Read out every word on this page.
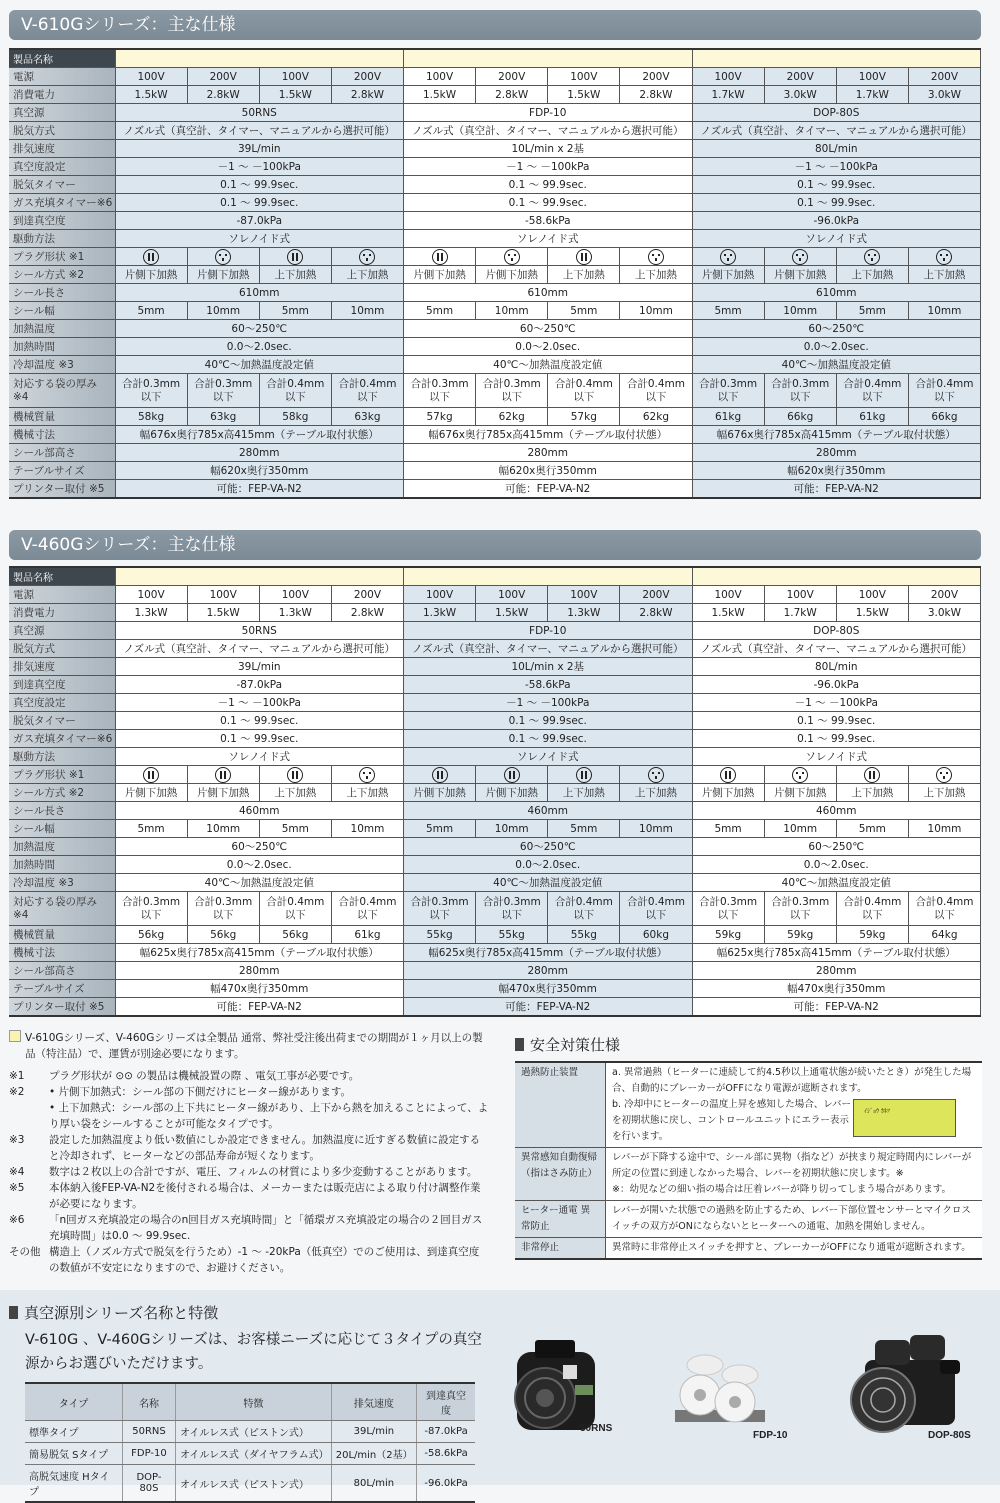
V-610Gシリーズ：主な仕様
製品名称												
電源	100V	200V	100V	200V	100V	200V	100V	200V	100V	200V	100V	200V
消費電力	1.5kW	2.8kW	1.5kW	2.8kW	1.5kW	2.8kW	1.5kW	2.8kW	1.7kW	3.0kW	1.7kW	3.0kW
真空源	50RNS				FDP-10				DOP-80S			
脱気方式	ノズル式（真空計、タイマー、マニュアルから選択可能）				ノズル式（真空計、タイマー、マニュアルから選択可能）				ノズル式（真空計、タイマー、マニュアルから選択可能）			
排気速度	39L/min				10L/min x 2基				80L/min			
真空度設定	－1 ～ －100kPa				－1 ～ －100kPa				－1 ～ －100kPa			
脱気タイマー	0.1 ～ 99.9sec.				0.1 ～ 99.9sec.				0.1 ～ 99.9sec.			
ガス充填タイマー※6	0.1 ～ 99.9sec.				0.1 ～ 99.9sec.				0.1 ～ 99.9sec.			
到達真空度	-87.0kPa				-58.6kPa				-96.0kPa			
駆動方法	ソレノイド式				ソレノイド式				ソレノイド式			
プラグ形状 ※1												
シール方式 ※2	片側下加熱	片側下加熱	上下加熱	上下加熱	片側下加熱	片側下加熱	上下加熱	上下加熱	片側下加熱	片側下加熱	上下加熱	上下加熱
シール長さ	610mm				610mm				610mm			
シール幅	5mm	10mm	5mm	10mm	5mm	10mm	5mm	10mm	5mm	10mm	5mm	10mm
加熱温度	60～250℃				60～250℃				60～250℃			
加熱時間	0.0～2.0sec.				0.0～2.0sec.				0.0～2.0sec.			
冷却温度 ※3	40℃～加熱温度設定値				40℃～加熱温度設定値				40℃～加熱温度設定値			
対応する袋の厚み ※4	合計0.3mm 以下	合計0.3mm 以下	合計0.4mm 以下	合計0.4mm 以下	合計0.3mm 以下	合計0.3mm 以下	合計0.4mm 以下	合計0.4mm 以下	合計0.3mm 以下	合計0.3mm 以下	合計0.4mm 以下	合計0.4mm 以下
機械質量	58kg	63kg	58kg	63kg	57kg	62kg	57kg	62kg	61kg	66kg	61kg	66kg
機械寸法	幅676x奥行785x高415mm（テーブル取付状態）				幅676x奥行785x高415mm（テーブル取付状態）				幅676x奥行785x高415mm（テーブル取付状態）			
シール部高さ	280mm				280mm				280mm			
テーブルサイズ	幅620x奥行350mm				幅620x奥行350mm				幅620x奥行350mm			
プリンター取付 ※5	可能：FEP-VA-N2				可能：FEP-VA-N2				可能：FEP-VA-N2			
V-460Gシリーズ：主な仕様
製品名称												
電源	100V	100V	100V	200V	100V	100V	100V	200V	100V	100V	100V	200V
消費電力	1.3kW	1.5kW	1.3kW	2.8kW	1.3kW	1.5kW	1.3kW	2.8kW	1.5kW	1.7kW	1.5kW	3.0kW
真空源	50RNS				FDP-10				DOP-80S			
脱気方式	ノズル式（真空計、タイマー、マニュアルから選択可能）				ノズル式（真空計、タイマー、マニュアルから選択可能）				ノズル式（真空計、タイマー、マニュアルから選択可能）			
排気速度	39L/min				10L/min x 2基				80L/min			
到達真空度	-87.0kPa				-58.6kPa				-96.0kPa			
真空度設定	－1 ～ －100kPa				－1 ～ －100kPa				－1 ～ －100kPa			
脱気タイマー	0.1 ～ 99.9sec.				0.1 ～ 99.9sec.				0.1 ～ 99.9sec.			
ガス充填タイマー※6	0.1 ～ 99.9sec.				0.1 ～ 99.9sec.				0.1 ～ 99.9sec.			
駆動方法	ソレノイド式				ソレノイド式				ソレノイド式			
プラグ形状 ※1												
シール方式 ※2	片側下加熱	片側下加熱	上下加熱	上下加熱	片側下加熱	片側下加熱	上下加熱	上下加熱	片側下加熱	片側下加熱	上下加熱	上下加熱
シール長さ	460mm				460mm				460mm			
シール幅	5mm	10mm	5mm	10mm	5mm	10mm	5mm	10mm	5mm	10mm	5mm	10mm
加熱温度	60～250℃				60～250℃				60～250℃			
加熱時間	0.0～2.0sec.				0.0～2.0sec.				0.0～2.0sec.			
冷却温度 ※3	40℃～加熱温度設定値				40℃～加熱温度設定値				40℃～加熱温度設定値			
対応する袋の厚み ※4	合計0.3mm 以下	合計0.3mm 以下	合計0.4mm 以下	合計0.4mm 以下	合計0.3mm 以下	合計0.3mm 以下	合計0.4mm 以下	合計0.4mm 以下	合計0.3mm 以下	合計0.3mm 以下	合計0.4mm 以下	合計0.4mm 以下
機械質量	56kg	56kg	56kg	61kg	55kg	55kg	55kg	60kg	59kg	59kg	59kg	64kg
機械寸法	幅625x奥行785x高415mm（テーブル取付状態）				幅625x奥行785x高415mm（テーブル取付状態）				幅625x奥行785x高415mm（テーブル取付状態）			
シール部高さ	280mm				280mm				280mm			
テーブルサイズ	幅470x奥行350mm				幅470x奥行350mm				幅470x奥行350mm			
プリンター取付 ※5	可能：FEP-VA-N2				可能：FEP-VA-N2				可能：FEP-VA-N2			
V-610Gシリーズ、V-460Gシリーズは全製品 通常、弊社受注後出荷までの期間が１ヶ月以上の製品（特注品）で、運賃が別途必要になります。
※1	プラグ形状が ⊙⊙ の製品は機械設置の際 、電気工事が必要です。
※2	• 片側下加熱式：シール部の下側だけにヒーター線があります。
• 上下加熱式：シール部の上下共にヒーター線があり、上下から熱を加えることによって、より厚い袋をシールすることが可能なタイプです。
※3	設定した加熱温度より低い数値にしか設定できません。加熱温度に近すぎる数値に設定すると冷却されず、ヒーターなどの部品寿命が短くなります。
※4	数字は２枚以上の合計ですが、電圧、フィルムの材質により多少変動することがあります。
※5	本体納入後FEP-VA-N2を後付される場合は、メーカーまたは販売店による取り付け調整作業が必要になります。
※6	「n回ガス充填設定の場合のn回目ガス充填時間」と「循環ガス充填設定の場合の２回目ガス充填時間」は0.0 ～ 99.9sec.
その他 構造上（ノズル方式で脱気を行うため）-1 ～ -20kPa（低真空）でのご使用は、到達真空度の数値が不安定になりますので、お避けください。
安全対策仕様
過熱防止装置	a. 異常過熱（ヒーターに連続して約4.5秒以上通電状態が続いたとき）が発生した場合、自動的にブレーカーがOFFになり電源が遮断されます。
ｲｼﾞｮｳ ｶﾈﾂ
b. 冷却中にヒーターの温度上昇を感知した場合、レバーを初期状態に戻し、コントロールユニットにエラー表示を行います。

異常感知自動復帰（指はさみ防止）	レバーが下降する途中で、シール部に異物（指など）が挟まり規定時間内にレバーが所定の位置に到達しなかった場合、レバーを初期状態に戻します。※
※：幼児などの細い指の場合は圧着レバーが降り切ってしまう場合があります。

ヒーター通電 異常防止	レバーが開いた状態での過熱を防止するため、レバー下部位置センサーとマイクロスイッチの双方がONにならないとヒーターへの通電、加熱を開始しません。

非常停止	異常時に非常停止スイッチを押すと、ブレーカーがOFFになり通電が遮断されます。
真空源別シリーズ名称と特徴
V-610G 、V-460Gシリーズは、お客様ニーズに応じて３タイプの真空源からお選びいただけます。
タイプ	名称	特徴	排気速度	到達真空度
標準タイプ	50RNS	オイルレス式（ピストン式）	39L/min	-87.0kPa
簡易脱気 Sタイプ	FDP-10	オイルレス式（ダイヤフラム式）	20L/min（2基）	-58.6kPa
高脱気速度 Hタイプ	DOP-80S	オイルレス式（ピストン式）	80L/min	-96.0kPa
50RNS
FDP-10	DOP-80S
